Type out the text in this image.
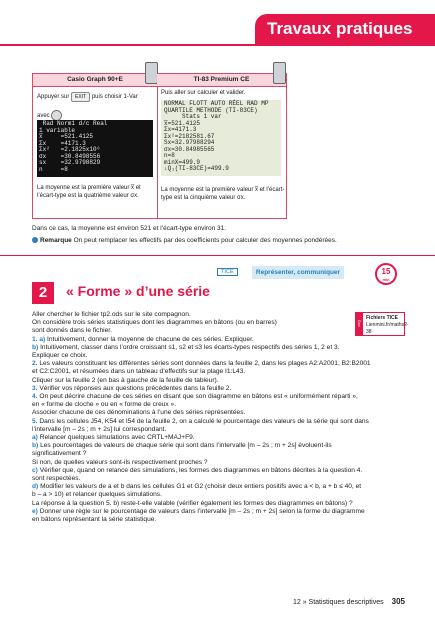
Travaux pratiques
Casio Graph 90+E
Appuyer sur EXIT puis choisir 1-Var

avec
Rad Norm1 d/c Real
1 variable
x̅     =521.4125
Σx    =4171.3
Σx²   =2.1825x10⁶
σx    =30.8498556
sx    =32.9798829
n     =8
La moyenne est la première valeur x̅ et l’écart-type est la quatrième valeur σx.
TI-83 Premium CE
Puis aller sur calculer et valider.
NORMAL FLOTT AUTO RÉEL RAD MP
QUARTILE METHODE (TI-83CE)
Stats 1 var
x̅=521.4125
Σx=4171.3
Σx²=2182581.67
Sx=32.97988294
σx=30.84985565
n=8
minX=499.9
↓Q₁(TI-83CE)=499.9
La moyenne est la première valeur x̅ et l’écart-type est la cinquième valeur σx.
Dans ce cas, la moyenne est environ 521 et l’écart-type environ 31.
Remarque On peut remplacer les effectifs par des coefficients pour calculer des moyennes pondérées.
TICE	Représenter, communiquer	15
min
2	« Forme » d’une série
Doc
Fichiers TICE
Lienmini.fr/maths2-38

Aller chercher le fichier tp2.ods sur le site compagnon.

On considère trois séries statistiques dont les diagrammes en bâtons (ou en barres)

sont donnés dans le fichier.

1. a) Intuitivement, donner la moyenne de chacune de ces séries. Expliquer.

b) Intuitivement, classer dans l’ordre croissant s1, s2 et s3 les écarts-types respectifs des séries 1, 2 et 3.

Expliquer ce choix.

2. Les valeurs constituant les différentes séries sont données dans la feuille 2, dans les plages A2:A2001, B2:B2001

et C2:C2001, et résumées dans un tableau d’effectifs sur la plage I1:L43.

Cliquer sur la feuille 2 (en bas à gauche de la feuille de tableur).

3. Vérifier vos réponses aux questions précédentes dans la feuille 2.

4. On peut décrire chacune de ces séries en disant que son diagramme en bâtons est « uniformément réparti »,

en « forme de cloche » ou en « forme de creux ».

Associer chacune de ces dénominations à l’une des séries représentées.

5. Dans les cellules J54, K54 et I54 de la feuille 2, on a calculé le pourcentage des valeurs de la série qui sont dans

l’intervalle [m – 2s ; m + 2s] lui correspondant.

a) Relancer quelques simulations avec CRTL+MAJ+F9.

b) Les pourcentages de valeurs de chaque série qui sont dans l’intervalle [m – 2s ; m + 2s] évoluent-ils

significativement ?

Si non, de quelles valeurs sont-ils respectivement proches ?

c) Vérifier que, quand on relance des simulations, les formes des diagrammes en bâtons décrites à la question 4.

sont respectées.

d) Modifier les valeurs de a et b dans les cellules G1 et G2 (choisir deux entiers positifs avec a < b, a + b ≤ 40, et

b – a > 10) et relancer quelques simulations.

La réponse à la question 5. b) reste-t-elle valable (vérifier également les formes des diagrammes en bâtons) ?

e) Donner une règle sur le pourcentage de valeurs dans l’intervalle [m – 2s ; m + 2s] selon la forme du diagramme

en bâtons représentant la série statistique.

12 » Statistiques descriptives 305
